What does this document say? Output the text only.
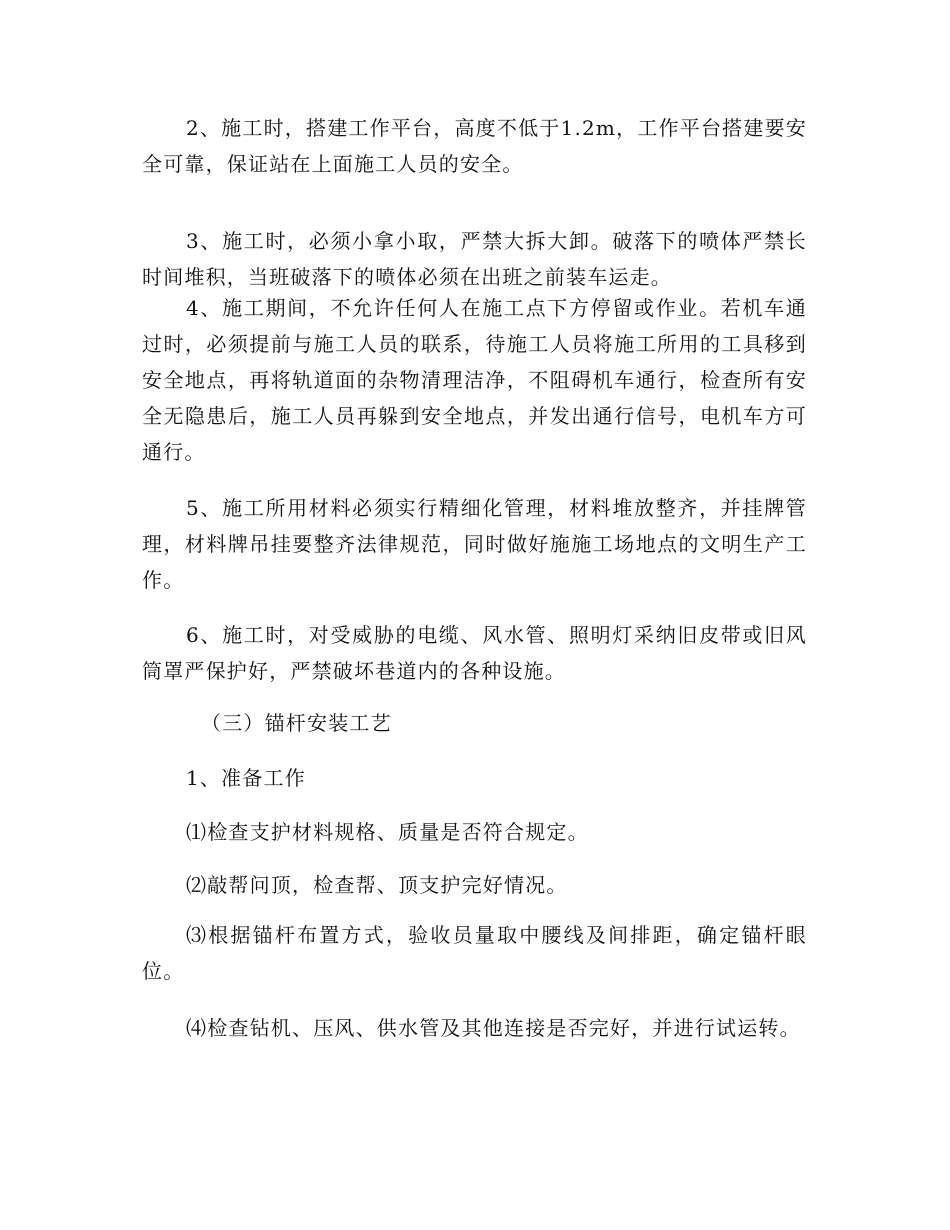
2、施工时，搭建工作平台，高度不低于1.2m，工作平台搭建要安全可靠，保证站在上面施工人员的安全。

3、施工时，必须小拿小取，严禁大拆大卸。破落下的喷体严禁长时间堆积，当班破落下的喷体必须在出班之前装车运走。

4、施工期间，不允许任何人在施工点下方停留或作业。若机车通过时，必须提前与施工人员的联系，待施工人员将施工所用的工具移到安全地点，再将轨道面的杂物清理洁净，不阻碍机车通行，检查所有安全无隐患后，施工人员再躲到安全地点，并发出通行信号，电机车方可通行。

5、施工所用材料必须实行精细化管理，材料堆放整齐，并挂牌管理，材料牌吊挂要整齐法律规范，同时做好施施工场地点的文明生产工作。

6、施工时，对受威胁的电缆、风水管、照明灯采纳旧皮带或旧风筒罩严保护好，严禁破坏巷道内的各种设施。

（三）锚杆安装工艺

1、准备工作

⑴检查支护材料规格、质量是否符合规定。

⑵敲帮问顶，检查帮、顶支护完好情况。

⑶根据锚杆布置方式，验收员量取中腰线及间排距，确定锚杆眼位。

⑷检查钻机、压风、供水管及其他连接是否完好，并进行试运转。
